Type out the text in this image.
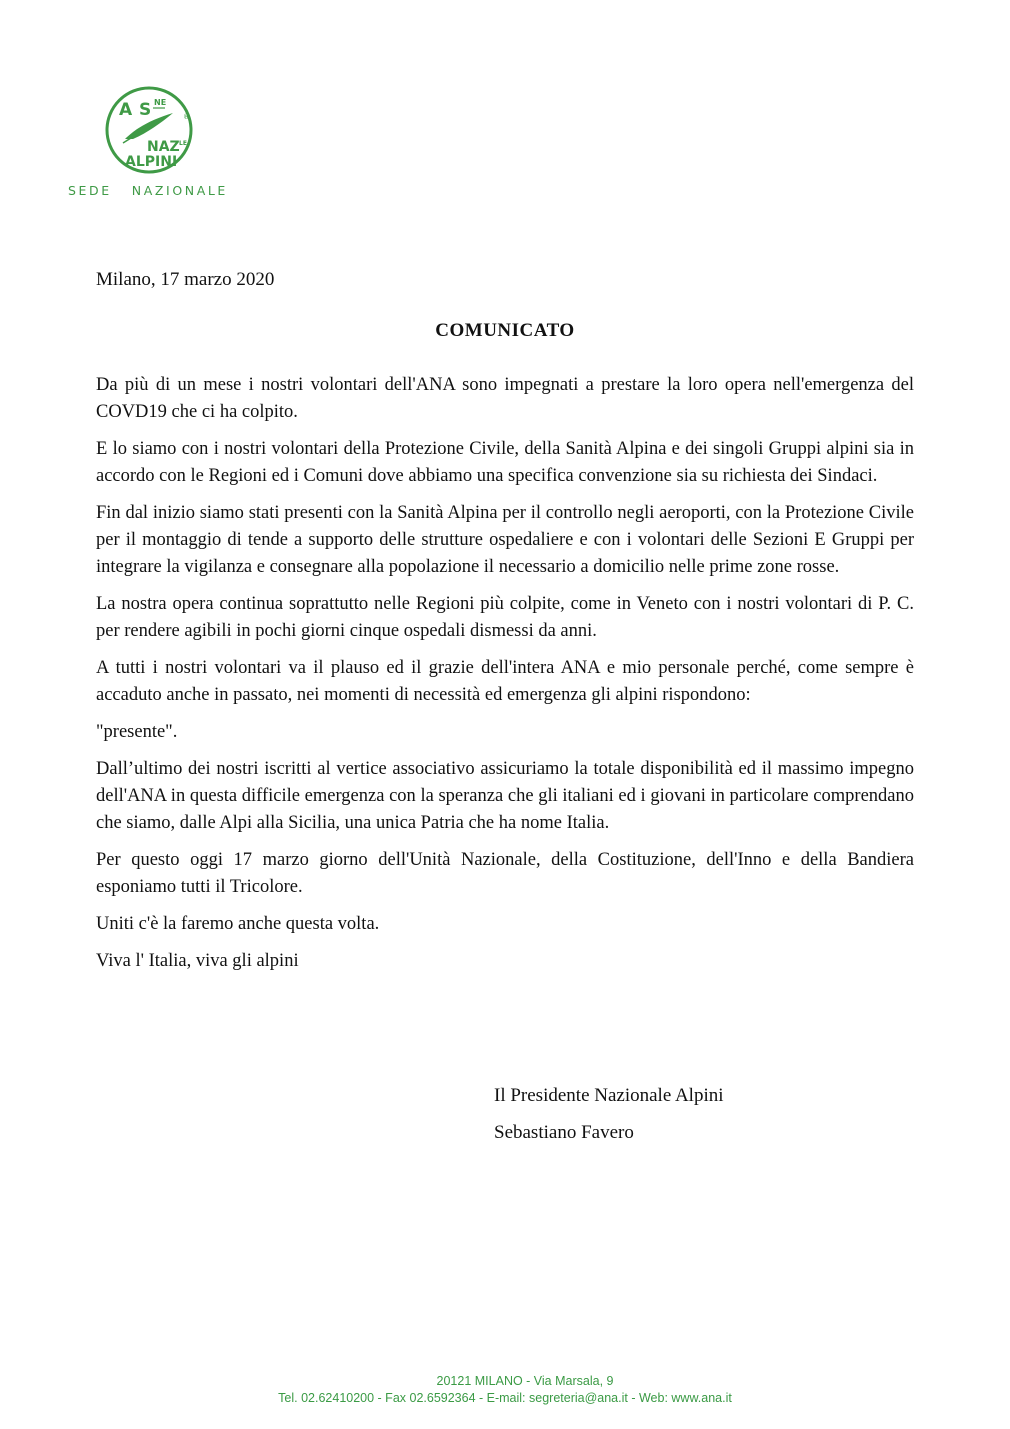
A S NE
NAZ LE
ALPINI
®
SEDE NAZIONALE
Milano, 17 marzo 2020
COMUNICATO

Da più di un mese i nostri volontari dell'ANA sono impegnati a prestare la loro opera nell'emergenza del COVD19 che ci ha colpito.

E lo siamo con i nostri volontari della Protezione Civile, della Sanità Alpina e dei singoli Gruppi alpini sia in accordo con le Regioni ed i Comuni dove abbiamo una specifica convenzione sia su richiesta dei Sindaci.

Fin dal inizio siamo stati presenti con la Sanità Alpina per il controllo negli aeroporti, con la Protezione Civile per il montaggio di tende a supporto delle strutture ospedaliere e con i volontari delle Sezioni E Gruppi per integrare la vigilanza e consegnare alla popolazione il necessario a domicilio nelle prime zone rosse.

La nostra opera continua soprattutto nelle Regioni più colpite, come in Veneto con i nostri volontari di P. C. per rendere agibili in pochi giorni cinque ospedali dismessi da anni.

A tutti i nostri volontari va il plauso ed il grazie dell'intera ANA e mio personale perché, come sempre è accaduto anche in passato, nei momenti di necessità ed emergenza gli alpini rispondono:

"presente".

Dall’ultimo dei nostri iscritti al vertice associativo assicuriamo la totale disponibilità ed il massimo impegno dell'ANA in questa difficile emergenza con la speranza che gli italiani ed i giovani in particolare comprendano che siamo, dalle Alpi alla Sicilia, una unica Patria che ha nome Italia.

Per questo oggi 17 marzo giorno dell'Unità Nazionale, della Costituzione, dell'Inno e della Bandiera esponiamo tutti il Tricolore.

Uniti c'è la faremo anche questa volta.

Viva l' Italia, viva gli alpini

Il Presidente Nazionale Alpini
Sebastiano Favero
20121 MILANO - Via Marsala, 9
Tel. 02.62410200 - Fax 02.6592364 - E-mail: segreteria@ana.it - Web: www.ana.it
